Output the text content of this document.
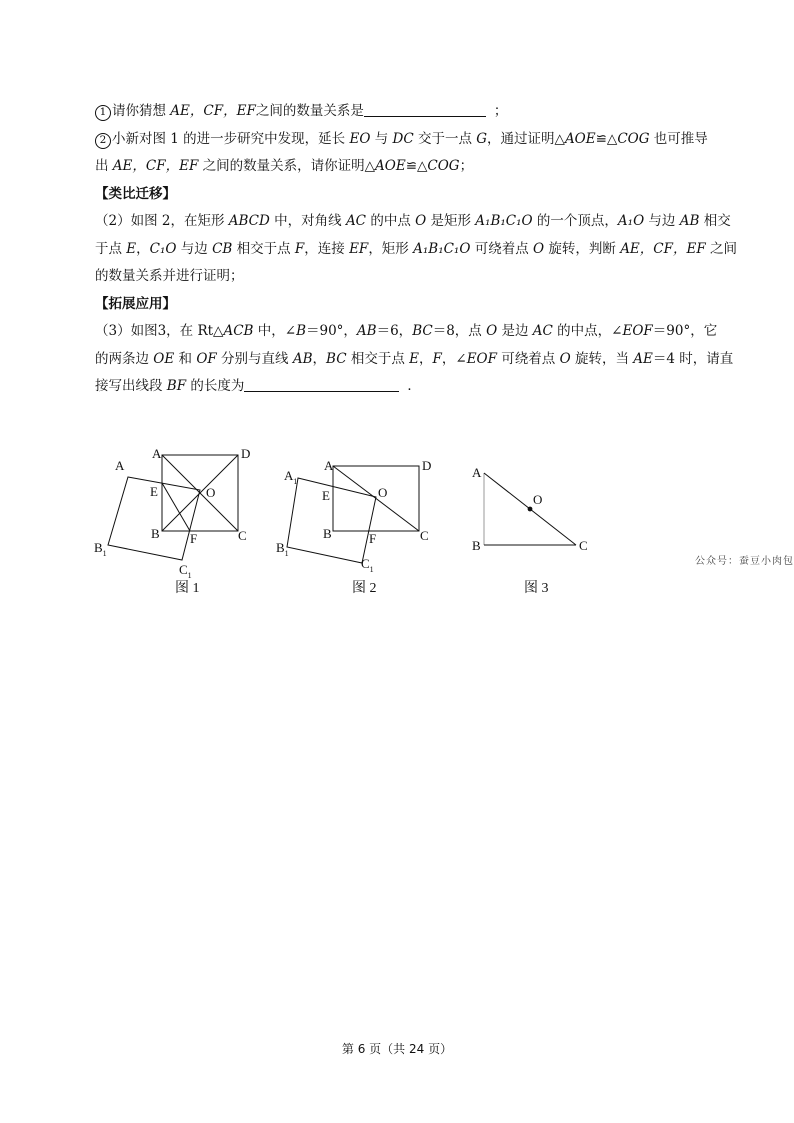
1 请你猜想 AE，CF，EF之间的数量关系是	；
2 小新对图 1 的进一步研究中发现，延长 EO 与 DC 交于一点 G，通过证明△AOE≌△COG 也可推导
出 AE，CF，EF 之间的数量关系，请你证明△AOE≌△COG；
【类比迁移】
（2）如图 2，在矩形 ABCD 中，对角线 AC 的中点 O 是矩形 A₁B₁C₁O 的一个顶点，A₁O 与边 AB 相交
于点 E，C₁O 与边 CB 相交于点 F，连接 EF，矩形 A₁B₁C₁O 可绕着点 O 旋转，判断 AE，CF，EF 之间
的数量关系并进行证明；
【拓展应用】
（3）如图3，在 Rt△ACB 中，∠B＝90°，AB＝6，BC＝8，点 O 是边 AC 的中点，∠EOF＝90°，它
的两条边 OE 和 OF 分别与直线 AB，BC 相交于点 E，F，∠EOF 可绕着点 O 旋转，当 AE＝4 时，请直
接写出线段 BF 的长度为	．
A	D
E	O
B F	C
A
$B_1$
$C_1$
图 1
A	D
E	O
B	F	C
$A_1$
$B_1$
$C_1$
图 2
A
O
B	C
图 3
公众号：蚕豆小肉包
第 6 页（共 24 页）
